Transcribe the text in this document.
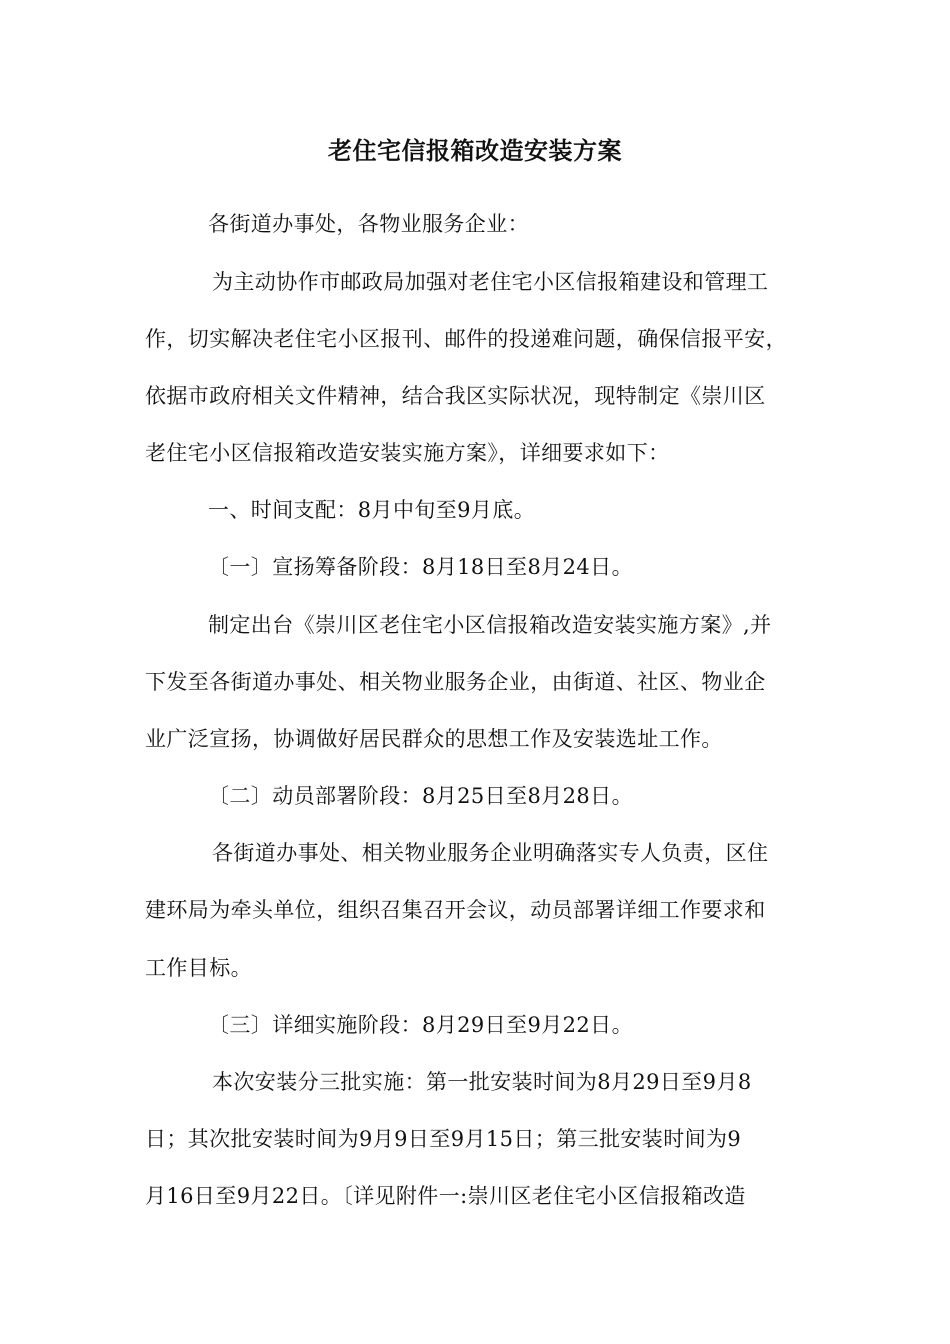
老住宅信报箱改造安装方案
各街道办事处，各物业服务企业：
为主动协作市邮政局加强对老住宅小区信报箱建设和管理工
作，切实解决老住宅小区报刊、邮件的投递难问题，确保信报平安，
依据市政府相关文件精神，结合我区实际状况，现特制定《崇川区
老住宅小区信报箱改造安装实施方案》，详细要求如下：
一、时间支配：8月中旬至9月底。
〔一〕宣扬筹备阶段：8月18日至8月24日。
制定出台《崇川区老住宅小区信报箱改造安装实施方案》,并
下发至各街道办事处、相关物业服务企业，由街道、社区、物业企
业广泛宣扬，协调做好居民群众的思想工作及安装选址工作。
〔二〕动员部署阶段：8月25日至8月28日。
各街道办事处、相关物业服务企业明确落实专人负责，区住
建环局为牵头单位，组织召集召开会议，动员部署详细工作要求和
工作目标。
〔三〕详细实施阶段：8月29日至9月22日。
本次安装分三批实施：第一批安装时间为8月29日至9月8
日；其次批安装时间为9月9日至9月15日；第三批安装时间为9
月16日至9月22日。〔详见附件一:崇川区老住宅小区信报箱改造
